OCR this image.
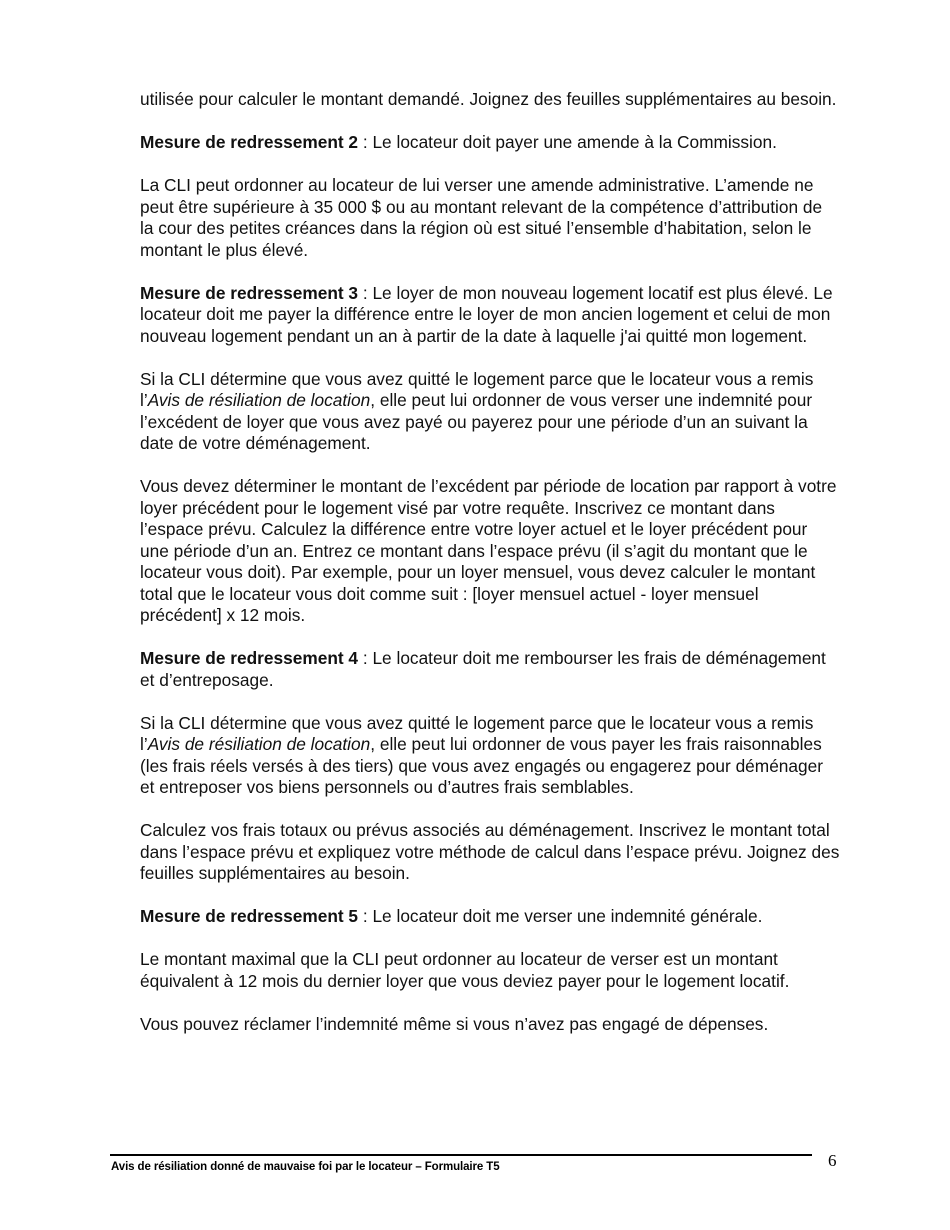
utilisée pour calculer le montant demandé. Joignez des feuilles supplémentaires au besoin.

Mesure de redressement 2 : Le locateur doit payer une amende à la Commission.

La CLI peut ordonner au locateur de lui verser une amende administrative. L’amende ne peut être supérieure à 35 000 $ ou au montant relevant de la compétence d’attribution de la cour des petites créances dans la région où est situé l’ensemble d’habitation, selon le montant le plus élevé.

Mesure de redressement 3 : Le loyer de mon nouveau logement locatif est plus élevé. Le locateur doit me payer la différence entre le loyer de mon ancien logement et celui de mon nouveau logement pendant un an à partir de la date à laquelle j'ai quitté mon logement.

Si la CLI détermine que vous avez quitté le logement parce que le locateur vous a remis l’Avis de résiliation de location, elle peut lui ordonner de vous verser une indemnité pour l’excédent de loyer que vous avez payé ou payerez pour une période d’un an suivant la date de votre déménagement.

Vous devez déterminer le montant de l’excédent par période de location par rapport à votre loyer précédent pour le logement visé par votre requête. Inscrivez ce montant dans l’espace prévu. Calculez la différence entre votre loyer actuel et le loyer précédent pour une période d’un an. Entrez ce montant dans l’espace prévu (il s’agit du montant que le locateur vous doit). Par exemple, pour un loyer mensuel, vous devez calculer le montant total que le locateur vous doit comme suit : [loyer mensuel actuel - loyer mensuel précédent] x 12 mois.

Mesure de redressement 4 : Le locateur doit me rembourser les frais de déménagement et d’entreposage.

Si la CLI détermine que vous avez quitté le logement parce que le locateur vous a remis l’Avis de résiliation de location, elle peut lui ordonner de vous payer les frais raisonnables (les frais réels versés à des tiers) que vous avez engagés ou engagerez pour déménager et entreposer vos biens personnels ou d’autres frais semblables.

Calculez vos frais totaux ou prévus associés au déménagement. Inscrivez le montant total dans l’espace prévu et expliquez votre méthode de calcul dans l’espace prévu. Joignez des feuilles supplémentaires au besoin.

Mesure de redressement 5 : Le locateur doit me verser une indemnité générale.

Le montant maximal que la CLI peut ordonner au locateur de verser est un montant équivalent à 12 mois du dernier loyer que vous deviez payer pour le logement locatif.

Vous pouvez réclamer l’indemnité même si vous n’avez pas engagé de dépenses.

Avis de résiliation donné de mauvaise foi par le locateur – Formulaire T5	6
